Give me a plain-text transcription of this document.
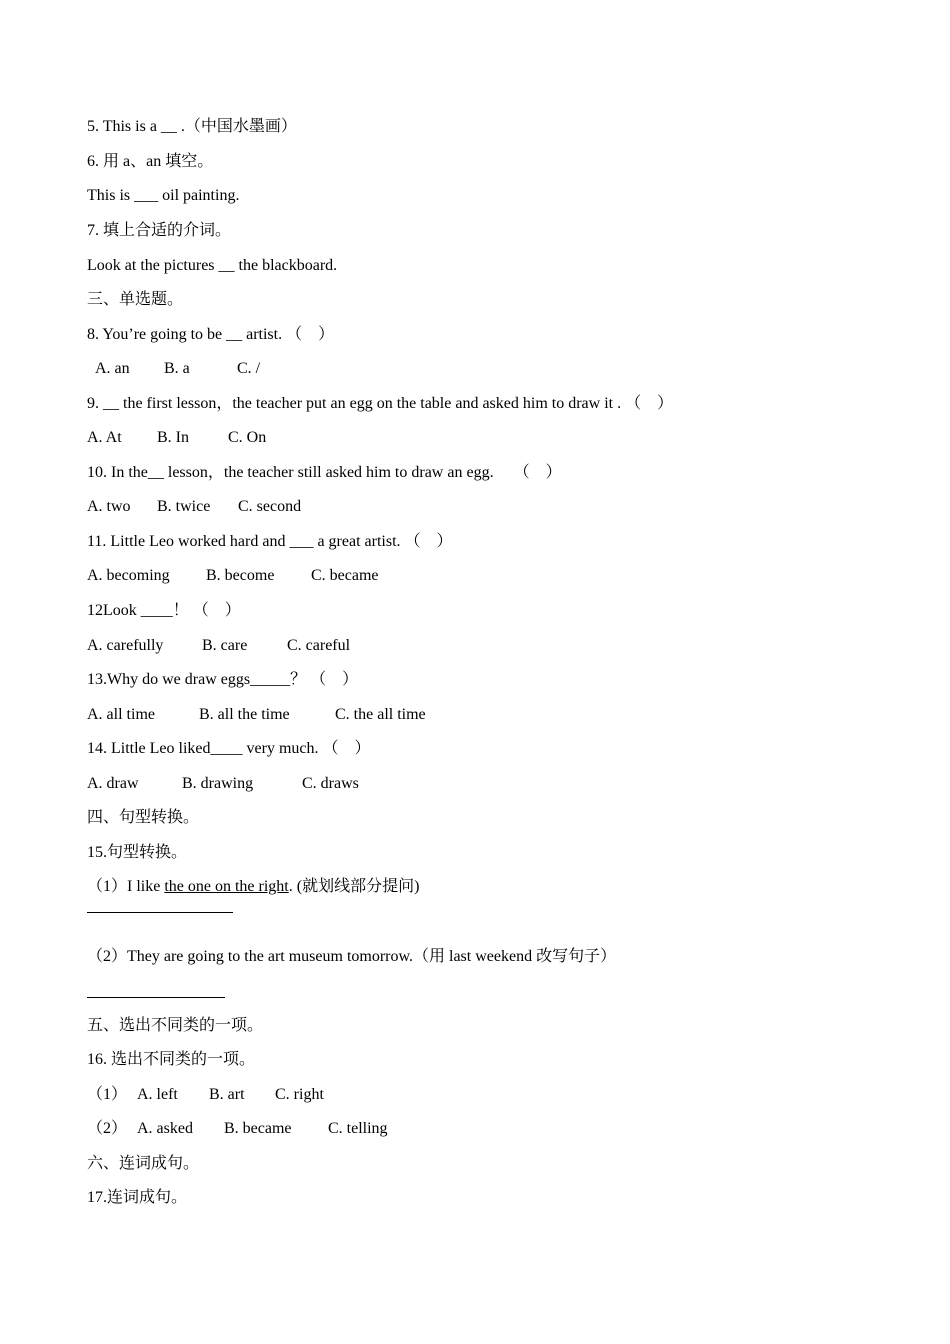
5. This is a __ .（中国水墨画）
6. 用 a、an 填空。
This is ___ oil painting.
7. 填上合适的介词。
Look at the pictures __ the blackboard.
三、单选题。
8. You’re going to be __ artist. （　）
A. an B. a	C. /
9. __ the first lesson，the teacher put an egg on the table and asked him to draw it . （　）
A. At B. In C. On
10. In the__ lesson，the teacher still asked him to draw an egg.　 （　）
A. two B. twice C. second
11. Little Leo worked hard and ___ a great artist. （　）
A. becoming B. become C. became
12Look ____！ （　）
A. carefully B. care C. careful
13.Why do we draw eggs_____？ （　）
A. all time	B. all the time	C. the all time
14. Little Leo liked____ very much. （　）
A. draw	B. drawing	C. draws
四、句型转换。
15.句型转换。
（1）I like the one on the right. (就划线部分提问)
（2）They are going to the art museum tomorrow.（用 last weekend 改写句子）
五、选出不同类的一项。
16. 选出不同类的一项。
（1） A. left B. art C. right
（2） A. asked B. became C. telling
六、连词成句。
17.连词成句。
